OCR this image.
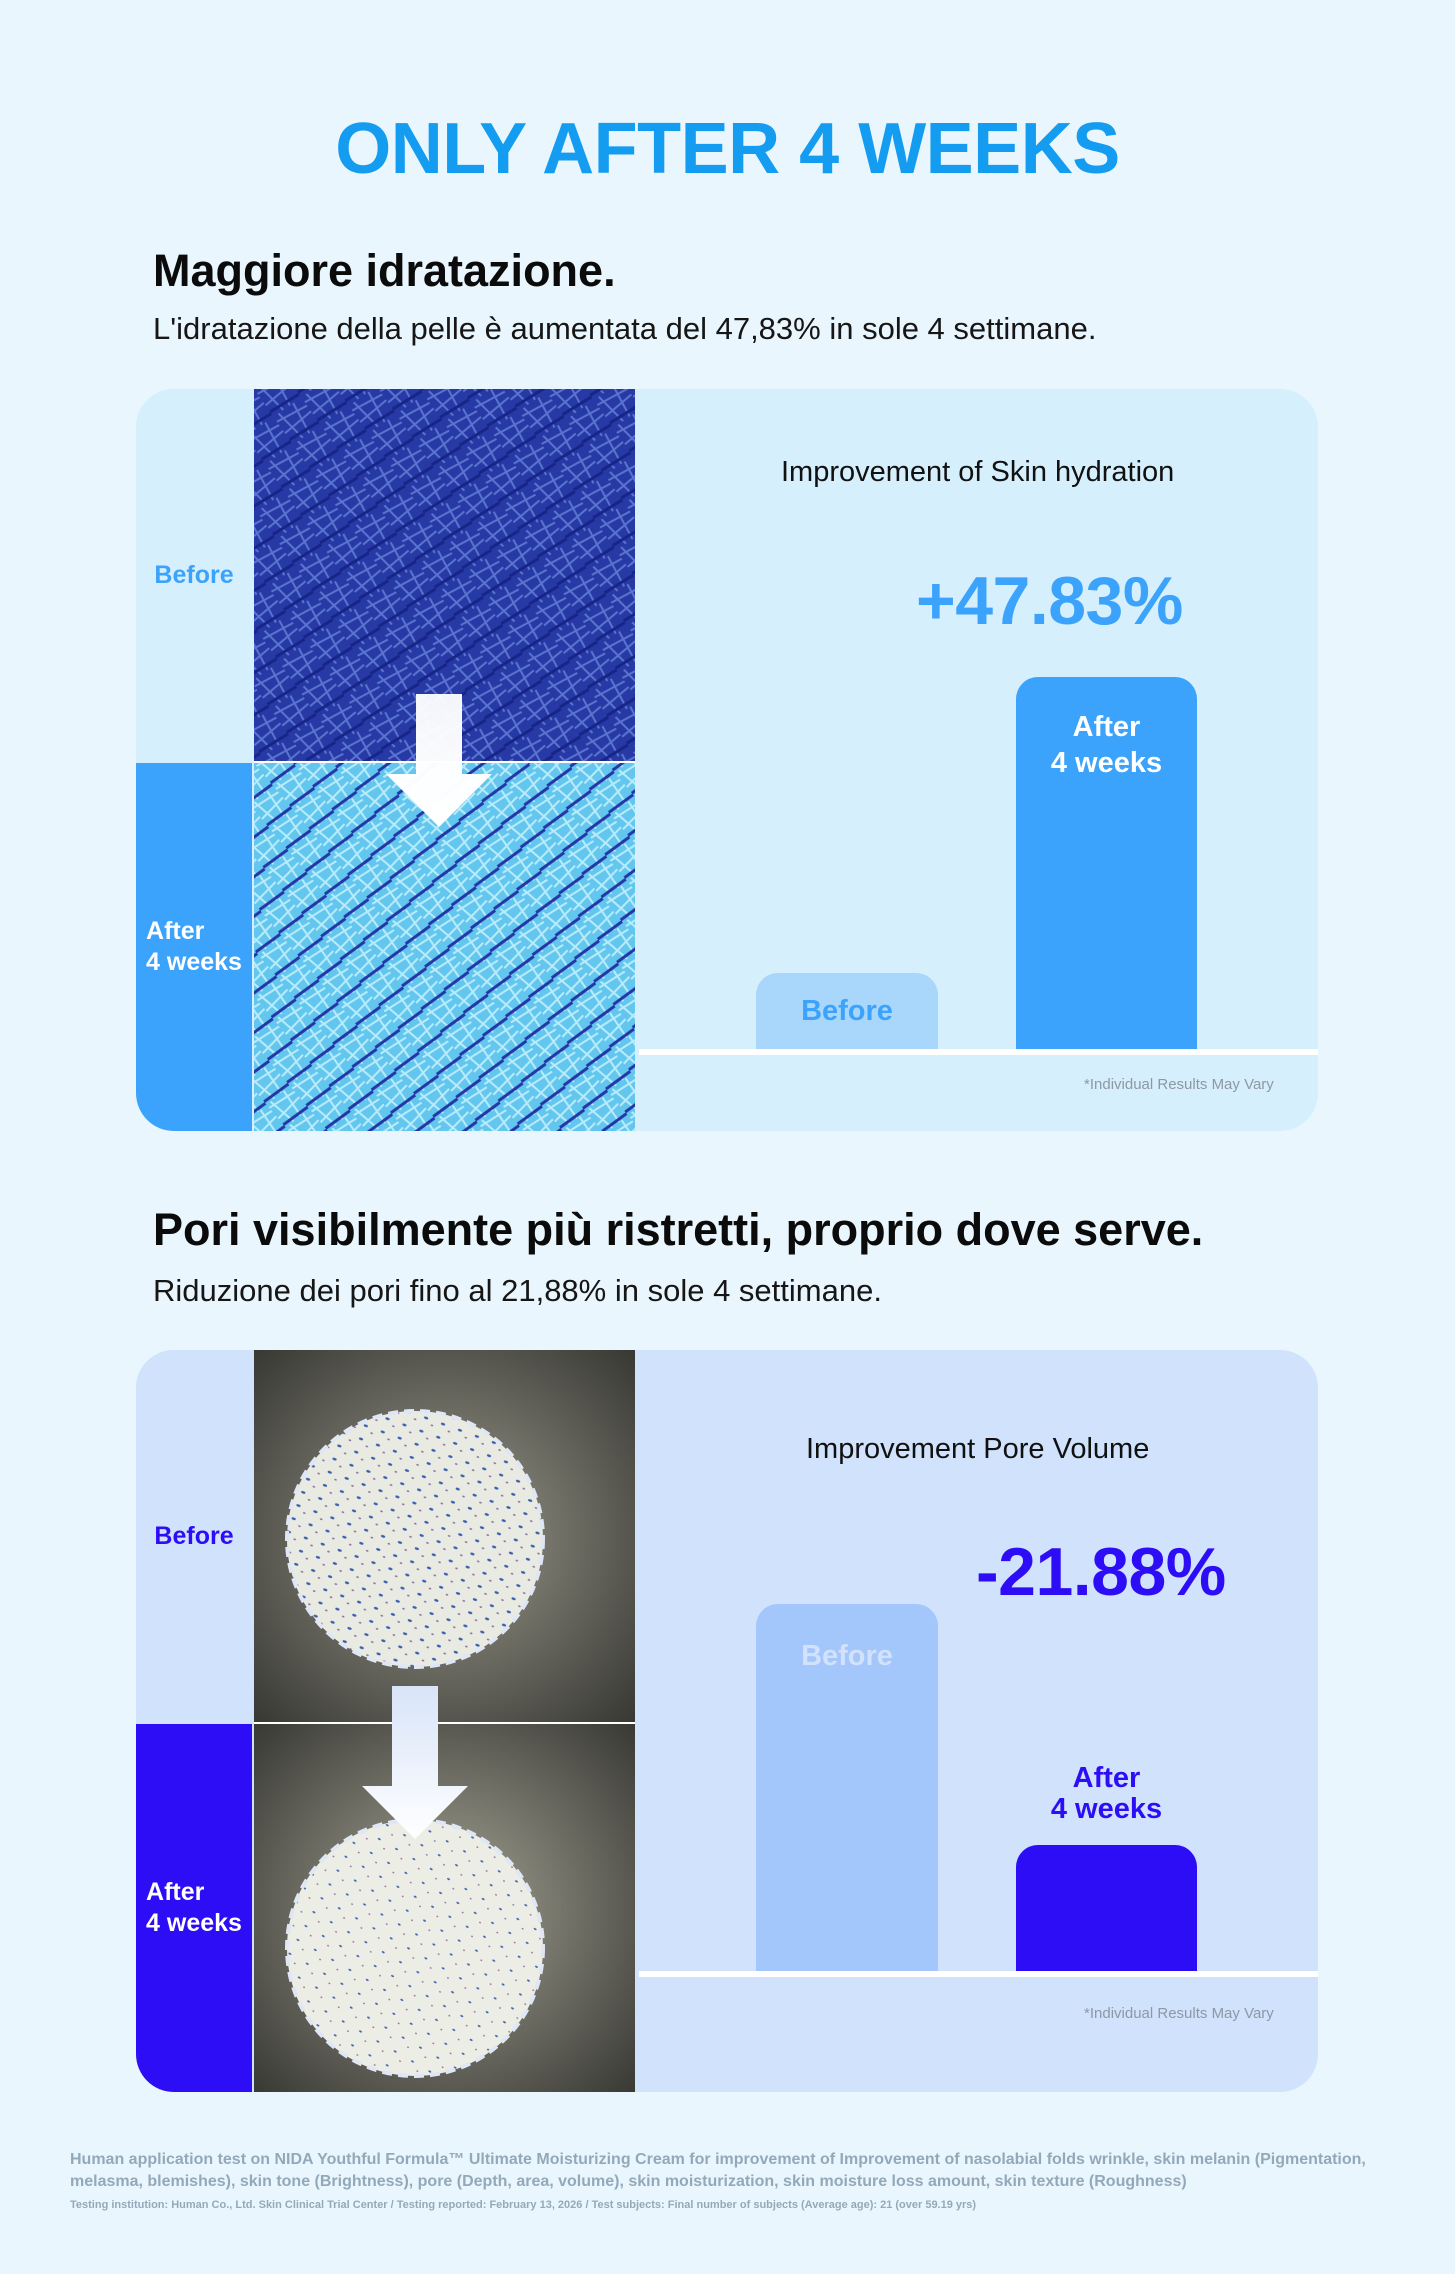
ONLY AFTER 4 WEEKS
Maggiore idratazione.
L'idratazione della pelle è aumentata del 47,83% in sole 4 settimane.
Before
After
4 weeks
Improvement of Skin hydration
+47.83%
Before
After
4 weeks
*Individual Results May Vary
Pori visibilmente più ristretti, proprio dove serve.
Riduzione dei pori fino al 21,88% in sole 4 settimane.
Before
After
4 weeks
Improvement Pore Volume
-21.88%
Before
After
4 weeks
*Individual Results May Vary
Human application test on NIDA Youthful Formula™ Ultimate Moisturizing Cream for improvement of Improvement of nasolabial folds wrinkle, skin melanin (Pigmentation, melasma, blemishes), skin tone (Brightness), pore (Depth, area, volume), skin moisturization, skin moisture loss amount, skin texture (Roughness)
Testing institution: Human Co., Ltd. Skin Clinical Trial Center / Testing reported: February 13, 2026 / Test subjects: Final number of subjects (Average age): 21 (over 59.19 yrs)
